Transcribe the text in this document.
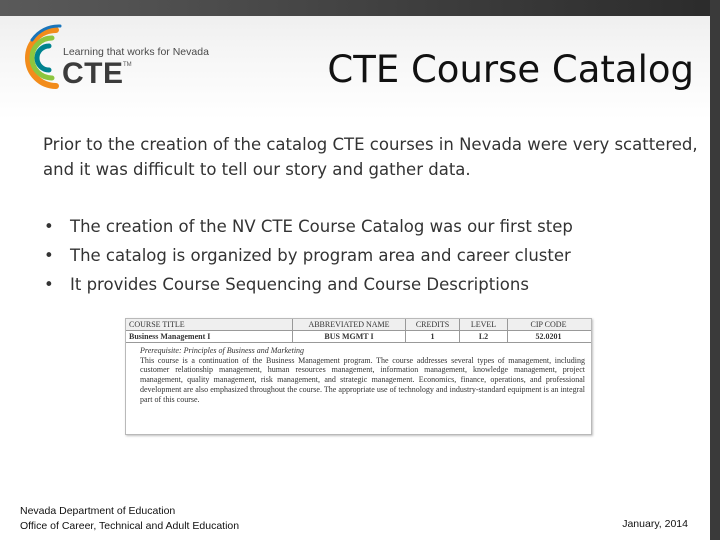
Learning that works for Nevada
CTE TM	CTE Course Catalog
Prior to the creation of the catalog CTE courses in Nevada were very scattered, and it was difficult to tell our story and gather data.
• The creation of the NV CTE Course Catalog was our first step
• The catalog is organized by program area and career cluster
• It provides Course Sequencing and Course Descriptions
COURSE TITLE	ABBREVIATED NAME	CREDITS	LEVEL	CIP CODE
Business Management I	BUS MGMT I	1	L2	52.0201
Prerequisite: Principles of Business and Marketing
This course is a continuation of the Business Management program. The course addresses several types of management, including customer relationship management, human resources management, information management, knowledge management, project management, quality management, risk management, and strategic management. Economics, finance, operations, and professional development are also emphasized throughout the course. The appropriate use of technology and industry-standard equipment is an integral part of this course.
Nevada Department of Education
Office of Career, Technical and Adult Education	January, 2014
